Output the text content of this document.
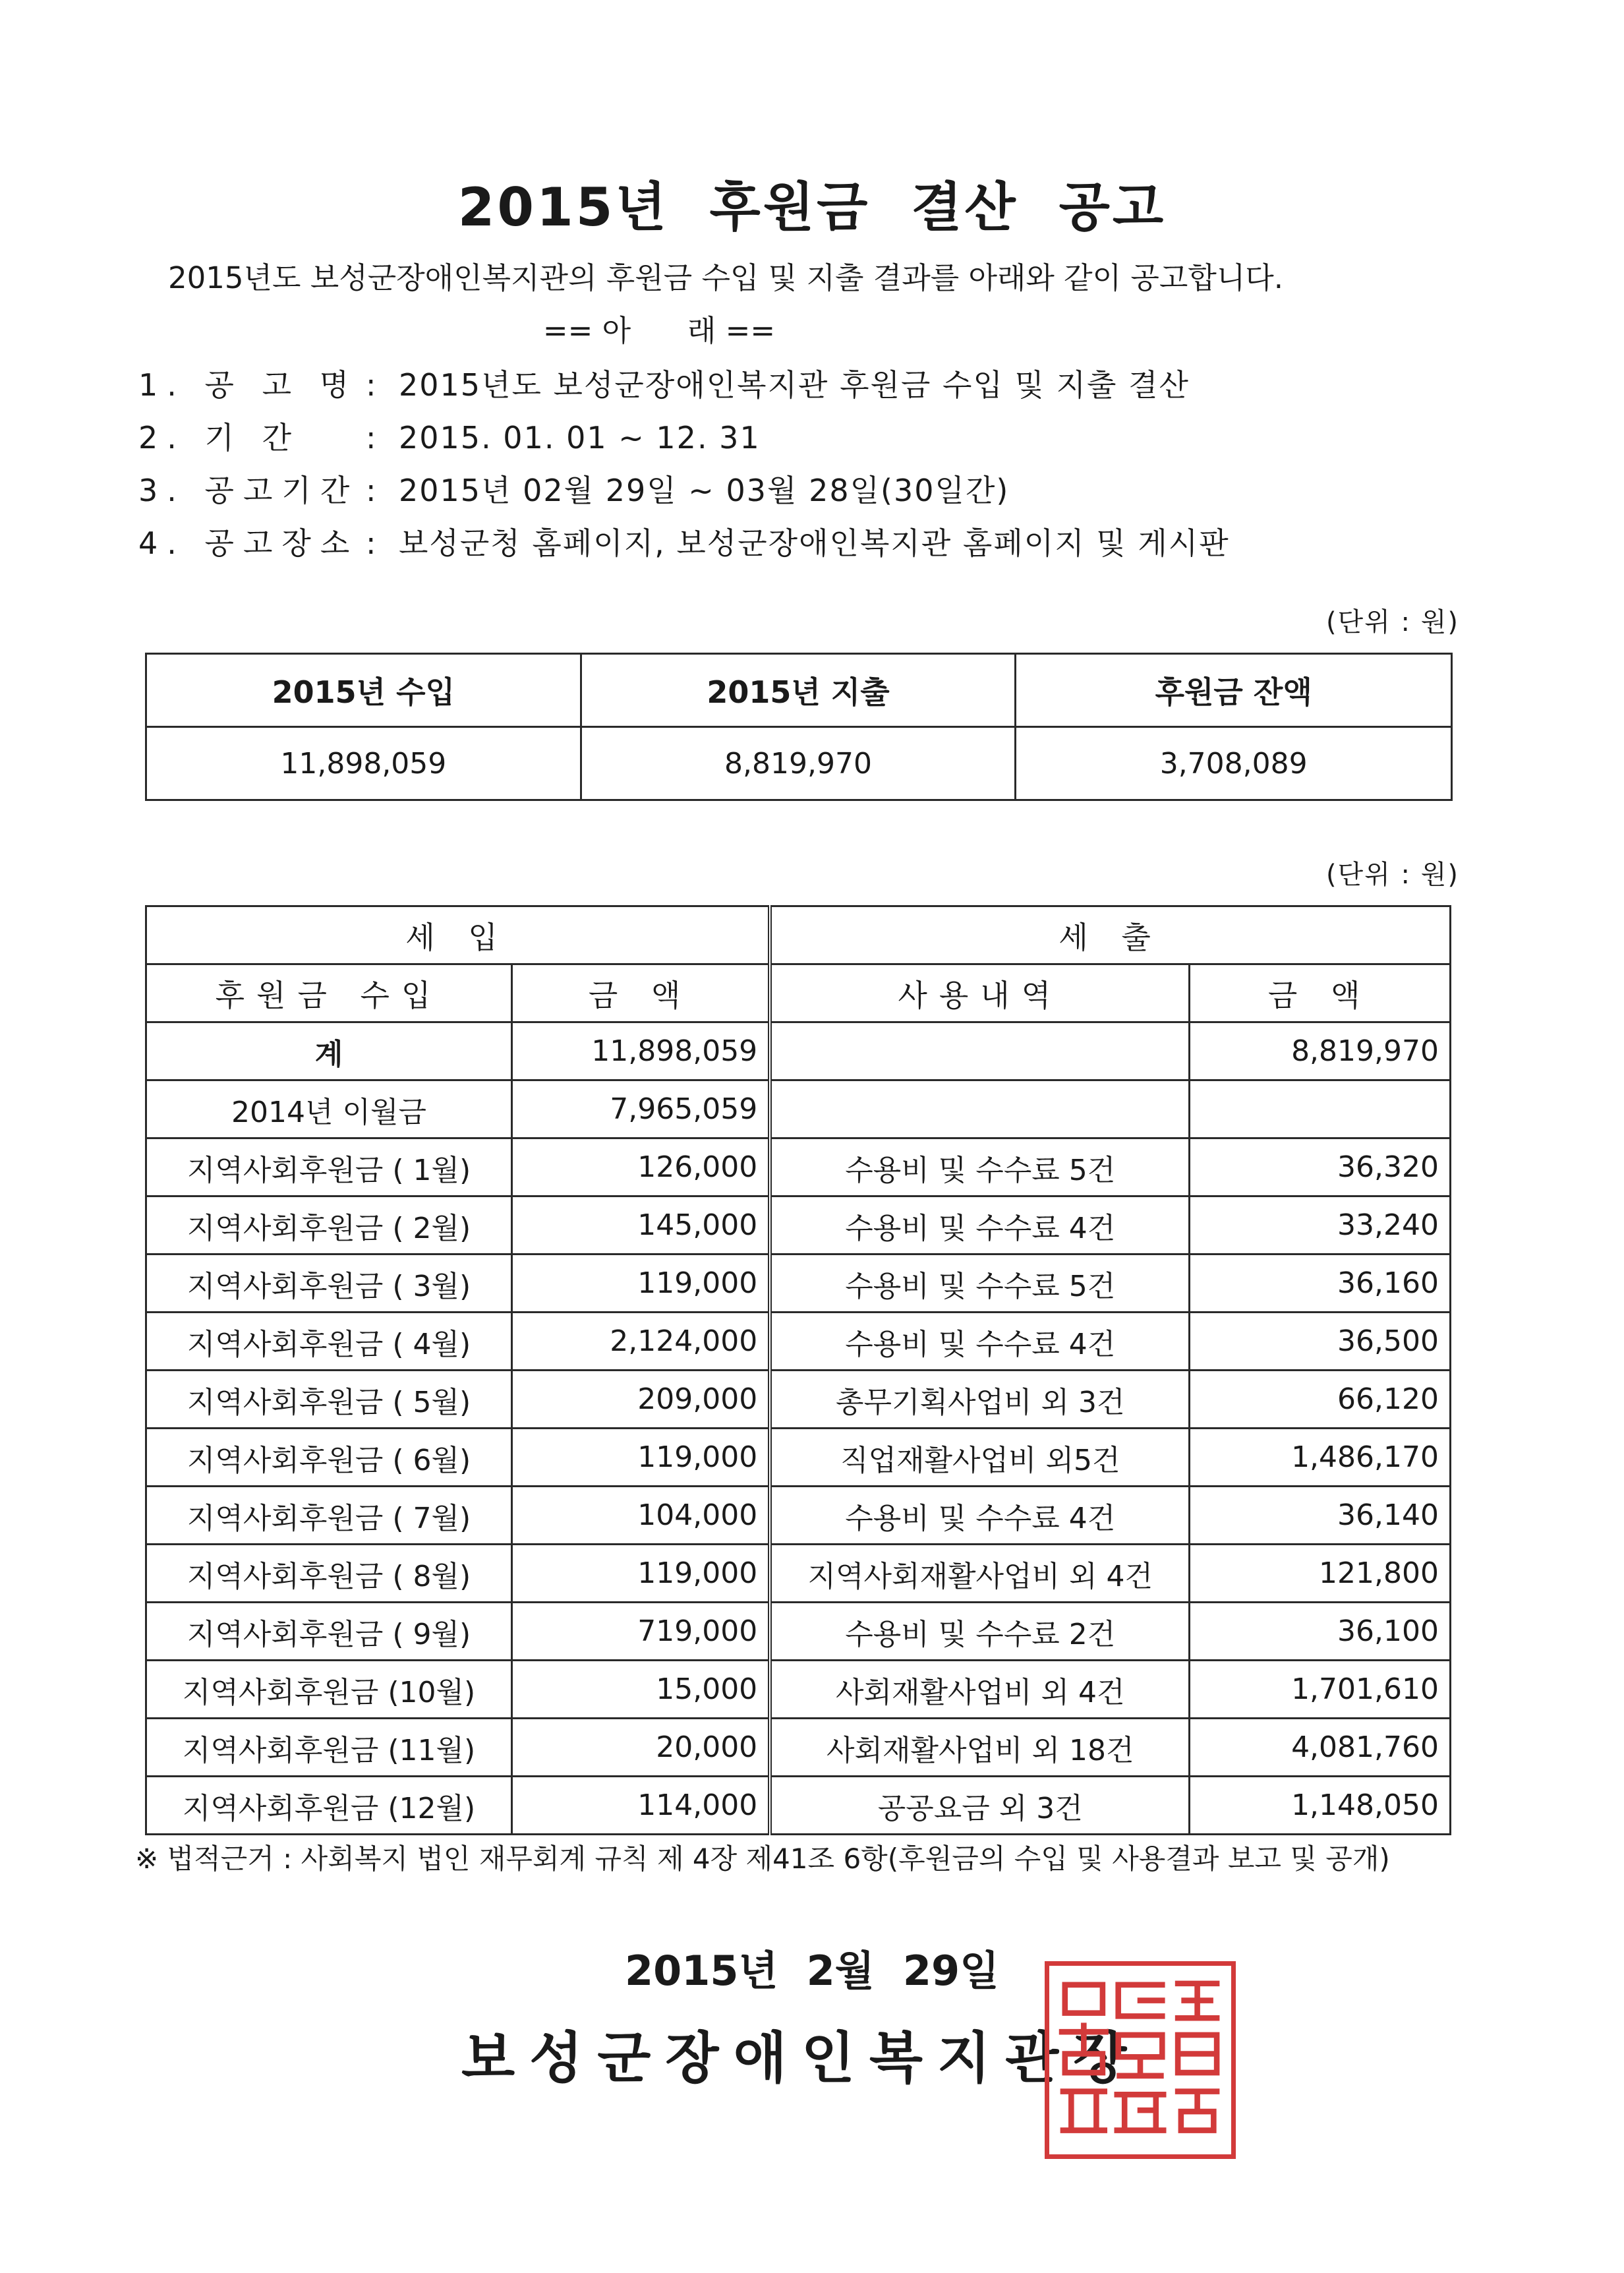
2015년 후원금 결산 공고
2015년도 보성군장애인복지관의 후원금 수입 및 지출 결과를 아래와 같이 공고합니다.
== 아      래 ==
1. 공 고 명 : 2015년도 보성군장애인복지관 후원금 수입 및 지출 결산
2. 기 간 : 2015. 01. 01 ~ 12. 31
3. 공고기간 : 2015년 02월 29일 ~ 03월 28일(30일간)
4. 공고장소 : 보성군청 홈페이지, 보성군장애인복지관 홈페이지 및 게시판
(단위 : 원)
2015년 수입	2015년 지출	후원금 잔액
11,898,059	8,819,970	3,708,089
(단위 : 원)
세 입		세 출	
후원금 수입	금 액	사용내역	금 액
계	11,898,059		8,819,970
2014년 이월금	7,965,059		
지역사회후원금 ( 1월)	126,000	수용비 및 수수료 5건	36,320
지역사회후원금 ( 2월)	145,000	수용비 및 수수료 4건	33,240
지역사회후원금 ( 3월)	119,000	수용비 및 수수료 5건	36,160
지역사회후원금 ( 4월)	2,124,000	수용비 및 수수료 4건	36,500
지역사회후원금 ( 5월)	209,000	총무기획사업비 외 3건	66,120
지역사회후원금 ( 6월)	119,000	직업재활사업비 외5건	1,486,170
지역사회후원금 ( 7월)	104,000	수용비 및 수수료 4건	36,140
지역사회후원금 ( 8월)	119,000	지역사회재활사업비 외 4건	121,800
지역사회후원금 ( 9월)	719,000	수용비 및 수수료 2건	36,100
지역사회후원금 (10월)	15,000	사회재활사업비 외 4건	1,701,610
지역사회후원금 (11월)	20,000	사회재활사업비 외 18건	4,081,760
지역사회후원금 (12월)	114,000	공공요금 외 3건	1,148,050
※ 법적근거 : 사회복지 법인 재무회계 규칙 제 4장 제41조 6항(후원금의 수입 및 사용결과 보고 및 공개)
2015년  2월  29일
보성군장애인복지관장
